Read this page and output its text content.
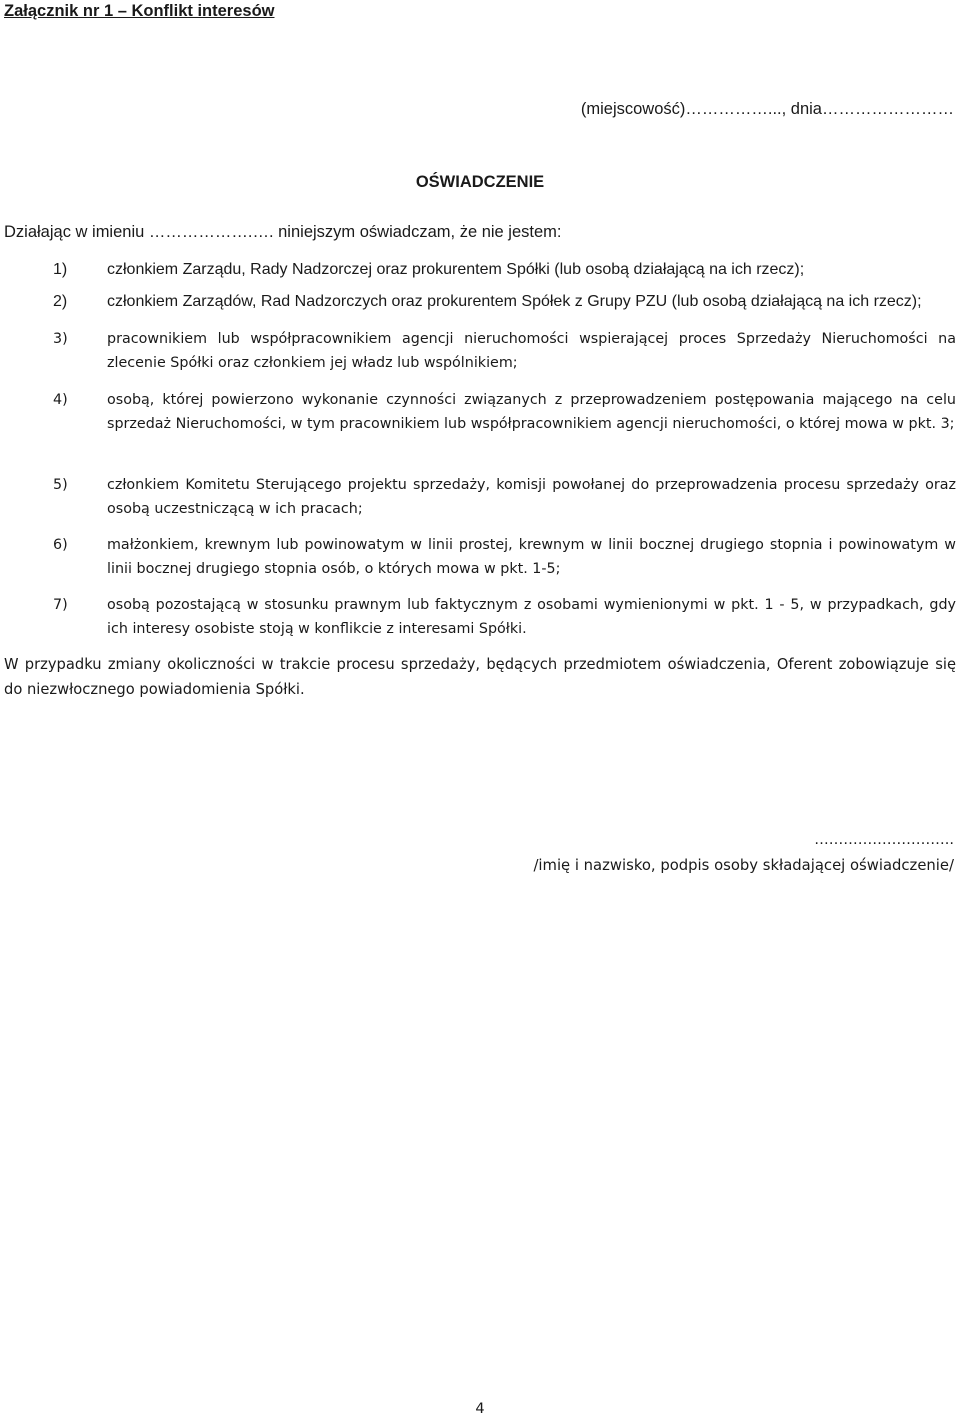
Załącznik nr 1 – Konflikt interesów
(miejscowość)……………..., dnia……………………
OŚWIADCZENIE
Działając w imieniu ……………….…. niniejszym oświadczam, że nie jestem:
1) członkiem Zarządu, Rady Nadzorczej oraz prokurentem Spółki (lub osobą działającą na ich rzecz);
2) członkiem Zarządów, Rad Nadzorczych oraz prokurentem Spółek z Grupy PZU (lub osobą działającą na ich rzecz);
3)	pracownikiem lub współpracownikiem agencji nieruchomości wspierającej proces Sprzedaży Nieruchomości na zlecenie Spółki oraz członkiem jej władz lub wspólnikiem;
4)	osobą, której powierzono wykonanie czynności związanych z przeprowadzeniem postępowania mającego na celu sprzedaż Nieruchomości, w tym pracownikiem lub współpracownikiem agencji nieruchomości, o której mowa w pkt. 3;
5)	członkiem Komitetu Sterującego projektu sprzedaży, komisji powołanej do przeprowadzenia procesu sprzedaży oraz osobą uczestniczącą w ich pracach;
6)	małżonkiem, krewnym lub powinowatym w linii prostej, krewnym w linii bocznej drugiego stopnia i powinowatym w linii bocznej drugiego stopnia osób, o których mowa w pkt. 1-5;
7)	osobą pozostającą w stosunku prawnym lub faktycznym z osobami wymienionymi w pkt. 1 - 5, w przypadkach, gdy ich interesy osobiste stoją w konflikcie z interesami Spółki.
W przypadku zmiany okoliczności w trakcie procesu sprzedaży, będących przedmiotem oświadczenia, Oferent zobowiązuje się do niezwłocznego powiadomienia Spółki.
………………………..
/imię i nazwisko, podpis osoby składającej oświadczenie/
4
